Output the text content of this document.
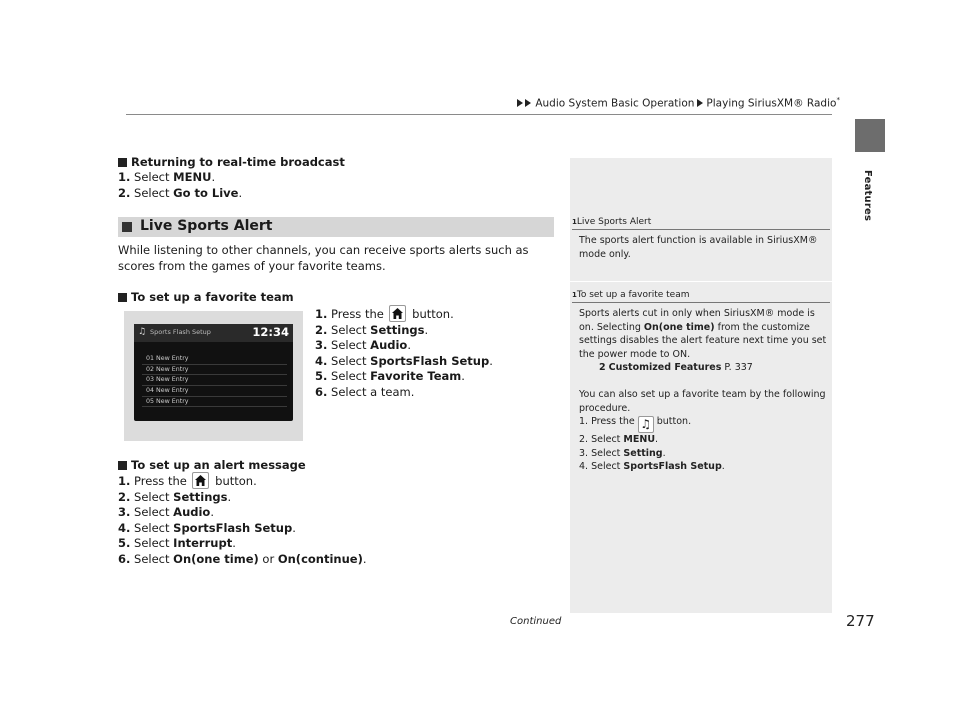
Audio System Basic Operation Playing SiriusXM® Radio*
Features
Returning to real-time broadcast
1. Select MENU.
2. Select Go to Live.
Live Sports Alert
While listening to other channels, you can receive sports alerts such as scores from the games of your favorite teams.
To set up a favorite team
1. Press the
button.
2. Select Settings.
3. Select Audio.
4. Select SportsFlash Setup.
5. Select Favorite Team.
6. Select a team.
♫ Sports Flash Setup	12:34
01 New Entry
02 New Entry
03 New Entry
04 New Entry
05 New Entry
To set up an alert message
1. Press the
button.
2. Select Settings.
3. Select Audio.
4. Select SportsFlash Setup.
5. Select Interrupt.
6. Select On(one time) or On(continue).
1Live Sports Alert
The sports alert function is available in SiriusXM® mode only.
1To set up a favorite team
Sports alerts cut in only when SiriusXM® mode is on. Selecting On(one time) from the customize settings disables the alert feature next time you set the power mode to ON.
2 Customized Features P. 337
You can also set up a favorite team by the following procedure.
1. Press the ♫ button.
2. Select MENU.
3. Select Setting.
4. Select SportsFlash Setup.
Continued	277
